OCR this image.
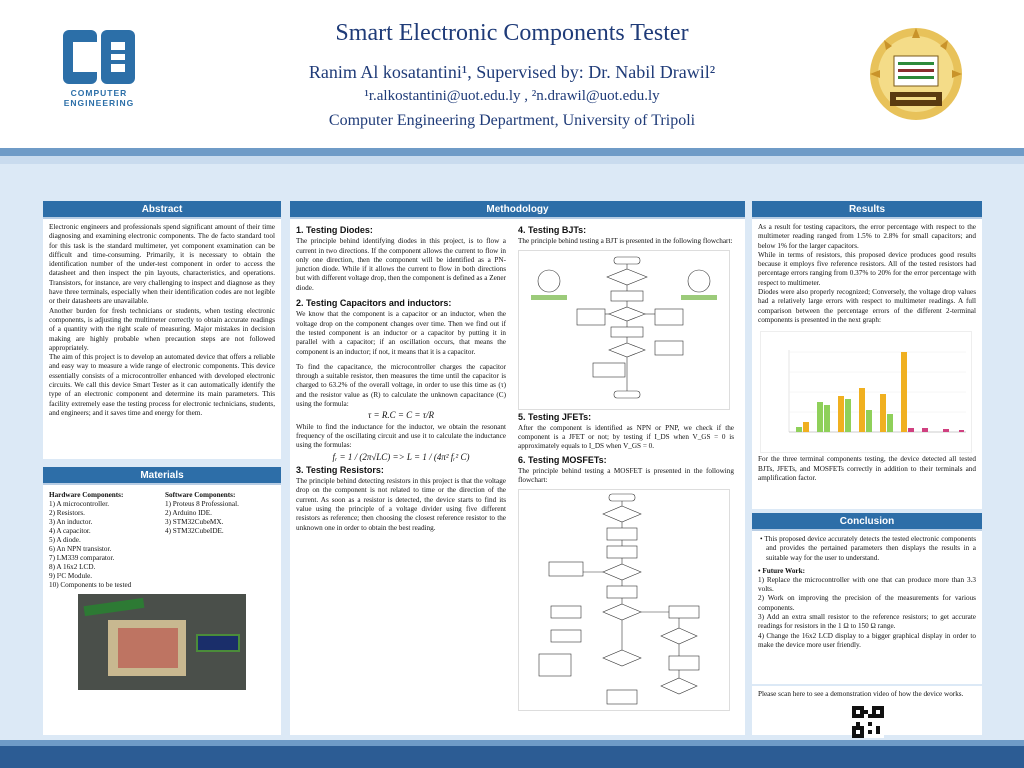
COMPUTER
ENGINEERING
Smart Electronic Components Tester
Ranim Al kosatantini¹, Supervised by: Dr. Nabil Drawil²
¹r.alkostantini@uot.edu.ly , ²n.drawil@uot.edu.ly
Computer Engineering Department, University of Tripoli
Abstract

Electronic engineers and professionals spend significant amount of their time diagnosing and examining electronic components. The de facto standard tool for this task is the standard multimeter, yet component examination can be difficult and time-consuming. Primarily, it is necessary to obtain the identification number of the under-test component in order to access the datasheet and then inspect the pin layouts, characteristics, and operations. Transistors, for instance, are very challenging to inspect and diagnose as they have three terminals, especially when their identification codes are not legible or their datasheets are unavailable.

Another burden for fresh technicians or students, when testing electronic components, is adjusting the multimeter correctly to obtain accurate readings of a quantity with the right scale of measuring. Major mistakes in decision making are highly probable when precaution steps are not followed appropriately.

The aim of this project is to develop an automated device that offers a reliable and easy way to measure a wide range of electronic components. This device essentially consists of a microcontroller enhanced with developed electronic circuits. We call this device Smart Tester as it can automatically identify the type of an electronic component and determine its main parameters. This facility extremely ease the testing process for electronic technicians, students, and engineers; and it saves time and energy for them.

Materials
Hardware Components:
1) A microcontroller.
2) Resistors.
3) An inductor.
4) A capacitor.
5) A diode.
6) An NPN transistor.
7) LM339 comparator.
8) A 16x2 LCD.
9) I²C Module.
10) Components to be tested
Software Components:
1) Proteus 8 Professional.
2) Arduino IDE.
3) STM32CubeMX.
4) STM32CubeIDE.
Methodology
1. Testing Diodes:

The principle behind identifying diodes in this project, is to flow a current in two directions. If the component allows the current to flow in only one direction, then the component will be identified as a PN-junction diode. While if it allows the current to flow in both directions but with different voltage drop, then the component is defined as a Zener diode.

2. Testing Capacitors and inductors:

We know that the component is a capacitor or an inductor, when the voltage drop on the component changes over time. Then we find out if the tested component is an inductor or a capacitor by putting it in parallel with a capacitor; if an oscillation occurs, that means the component is an inductor; if not, it means that it is a capacitor.

To find the capacitance, the microcontroller charges the capacitor through a suitable resistor, then measures the time until the capacitor is charged to 63.2% of the overall voltage, in order to use this time as (τ) and the resistor value as (R) to calculate the unknown capacitance (C) using the formula:

τ = R.C = C = τ/R

While to find the inductance for the inductor, we obtain the resonant frequency of the oscillating circuit and use it to calculate the inductance using the formulas:

fᵣ = 1 / (2π√LC) => L = 1 / (4π² fᵣ² C)
3. Testing Resistors:

The principle behind detecting resistors in this project is that the voltage drop on the component is not related to time or the direction of the current. As soon as a resistor is detected, the device starts to find its value using the principle of a voltage divider using five different resistors as reference; then choosing the closest reference resistor to the unknown one in order to obtain the best reading.

4. Testing BJTs:

The principle behind testing a BJT is presented in the following flowchart:

5. Testing JFETs:

After the component is identified as NPN or PNP, we check if the component is a JFET or not; by testing if I_DS when V_GS = 0 is approximately equals to I_DS when V_GS = 0.

6. Testing MOSFETs:

The principle behind testing a MOSFET is presented in the following flowchart:

Results

As a result for testing capacitors, the error percentage with respect to the multimeter reading ranged from 1.5% to 2.8% for small capacitors; and below 1% for the larger capacitors.

While in terms of resistors, this proposed device produces good results because it employs five reference resistors. All of the tested resistors had percentage errors ranging from 0.37% to 20% for the error percentage with respect to multimeter.

Diodes were also properly recognized; Conversely, the voltage drop values had a relatively large errors with respect to multimeter readings. A full comparison between the percentage errors of the different 2-terminal components is presented in the next graph:

For the three terminal components testing, the device detected all tested BJTs, JFETs, and MOSFETs correctly in addition to their terminals and amplification factor.

Conclusion

• This proposed device accurately detects the tested electronic components and provides the pertained parameters then displays the results in a suitable way for the user to understand.

• Future Work:
1) Replace the microcontroller with one that can produce more than 3.3 volts.
2) Work on improving the precision of the measurements for various components.
3) Add an extra small resistor to the reference resistors; to get accurate readings for resistors in the 1 Ω to 150 Ω range.
4) Change the 16x2 LCD display to a bigger graphical display in order to make the device more user friendly.
Please scan here to see a demonstration video of how the device works.
